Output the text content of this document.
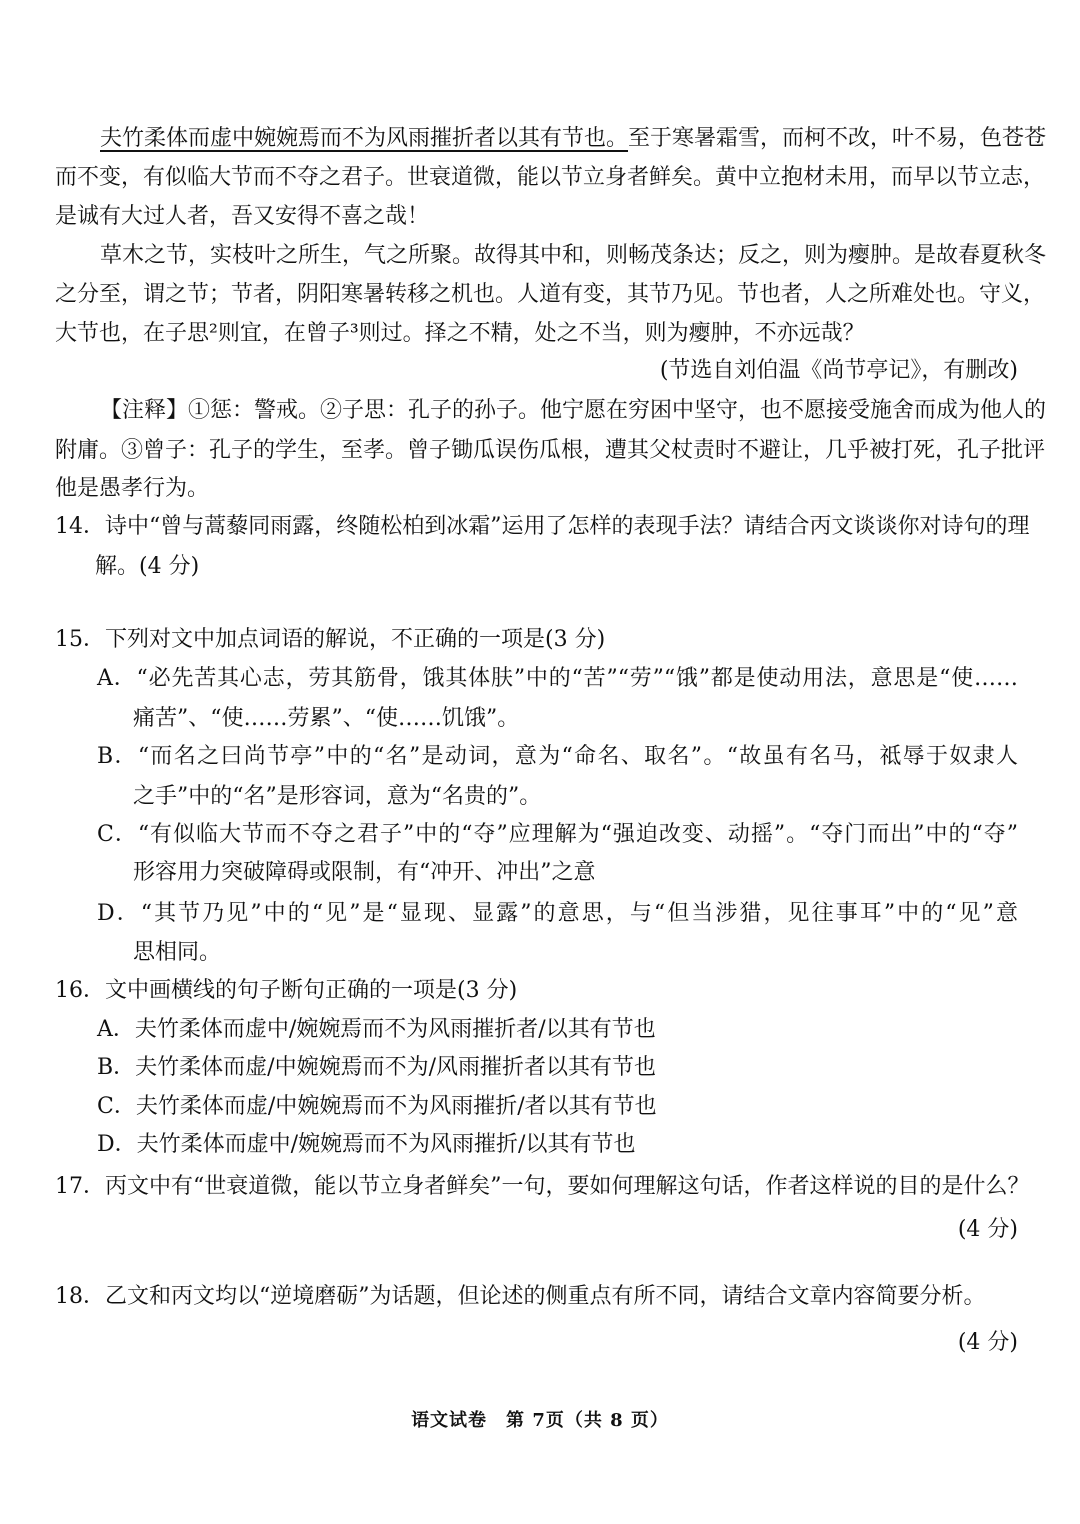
夫竹柔体而虚中婉婉焉而不为风雨摧折者以其有节也。至于寒暑霜雪，而柯不改，叶不易，色苍苍
而不变，有似临大节而不夺之君子。世衰道微，能以节立身者鲜矣。黄中立抱材未用，而早以节立志，
是诚有大过人者，吾又安得不喜之哉！
草木之节，实枝叶之所生，气之所聚。故得其中和，则畅茂条达；反之，则为瘿肿。是故春夏秋冬
之分至，谓之节；节者，阴阳寒暑转移之机也。人道有变，其节乃见。节也者，人之所难处也。守义，
大节也，在子思²则宜，在曾子³则过。择之不精，处之不当，则为瘿肿，不亦远哉？
(节选自刘伯温《尚节亭记》，有删改)
【注释】①惩：警戒。②子思：孔子的孙子。他宁愿在穷困中坚守，也不愿接受施舍而成为他人的
附庸。③曾子：孔子的学生，至孝。曾子锄瓜误伤瓜根，遭其父杖责时不避让，几乎被打死，孔子批评
他是愚孝行为。
14．诗中“曾与蒿藜同雨露，终随松柏到冰霜”运用了怎样的表现手法？请结合丙文谈谈你对诗句的理
解。(4 分)
15．下列对文中加点词语的解说，不正确的一项是(3 分)
A．“必先苦其心志，劳其筋骨，饿其体肤”中的“苦”“劳”“饿”都是使动用法，意思是“使……
痛苦”、“使……劳累”、“使……饥饿”。
B．“而名之曰尚节亭”中的“名”是动词，意为“命名、取名”。“故虽有名马，祗辱于奴隶人
之手”中的“名”是形容词，意为“名贵的”。
C．“有似临大节而不夺之君子”中的“夺”应理解为“强迫改变、动摇”。“夺门而出”中的“夺”
形容用力突破障碍或限制，有“冲开、冲出”之意
D．“其节乃见”中的“见”是“显现、显露”的意思，与“但当涉猎，见往事耳”中的“见”意
思相同。
16．文中画横线的句子断句正确的一项是(3 分)
A．夫竹柔体而虚中/婉婉焉而不为风雨摧折者/以其有节也
B．夫竹柔体而虚/中婉婉焉而不为/风雨摧折者以其有节也
C．夫竹柔体而虚/中婉婉焉而不为风雨摧折/者以其有节也
D．夫竹柔体而虚中/婉婉焉而不为风雨摧折/以其有节也
17．丙文中有“世衰道微，能以节立身者鲜矣”一句，要如何理解这句话，作者这样说的目的是什么？
(4 分)
18．乙文和丙文均以“逆境磨砺”为话题，但论述的侧重点有所不同，请结合文章内容简要分析。
(4 分)
语文试卷　第 7页（共 8 页）
